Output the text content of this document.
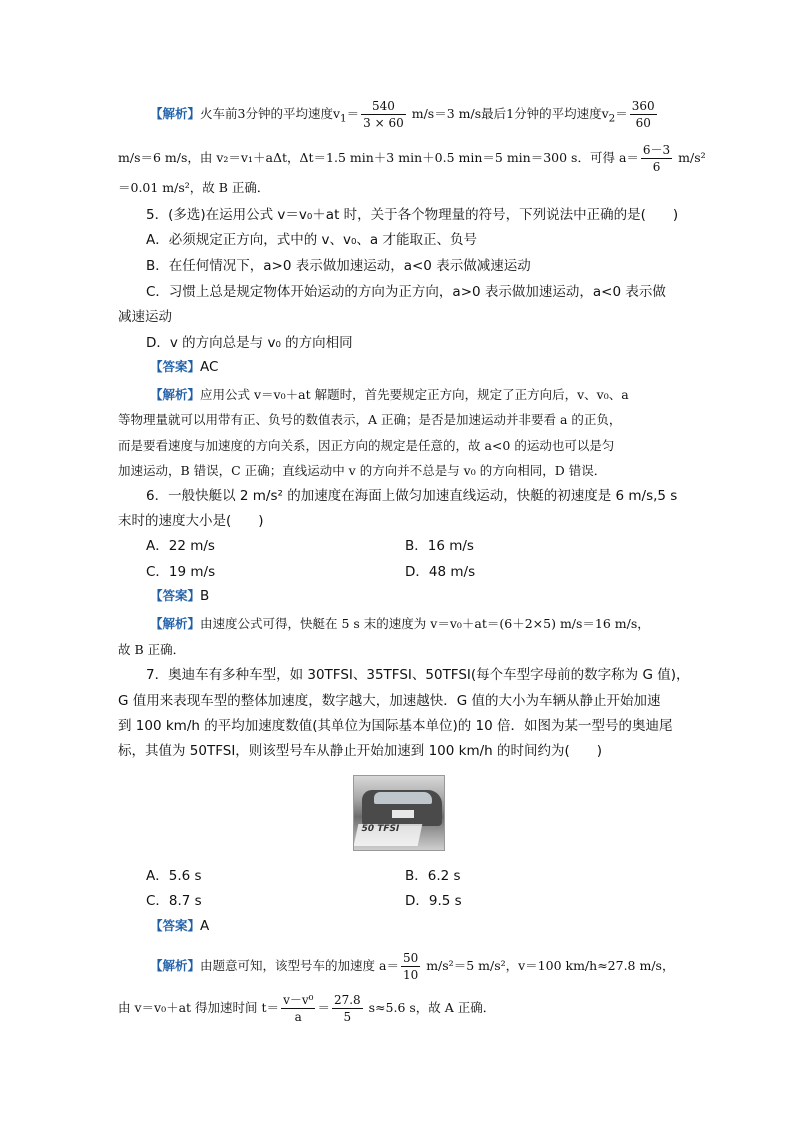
【解析】火车前3分钟的平均速度$v_1= \frac{540}{3 \times 60} m/s=3$ m/s最后1分钟的平均速度$v_2= \frac{360}{60}$
m/s＝6 m/s，由 v₂＝v₁＋aΔt，Δt＝1.5 min＋3 min＋0.5 min＝5 min＝300 s．可得 $a= \frac{6-3}{6} m/s^2$
＝0.01 m/s²，故 B 正确．
5．(多选)在运用公式 v＝v₀＋at 时，关于各个物理量的符号，下列说法中正确的是(　　)
A．必须规定正方向，式中的 v、v₀、a 才能取正、负号
B．在任何情况下，a>0 表示做加速运动，a<0 表示做减速运动
C．习惯上总是规定物体开始运动的方向为正方向，a>0 表示做加速运动，a<0 表示做
减速运动
D．v 的方向总是与 v₀ 的方向相同
【答案】AC
【解析】应用公式 v＝v₀＋at 解题时，首先要规定正方向，规定了正方向后，v、v₀、a
等物理量就可以用带有正、负号的数值表示，A 正确；是否是加速运动并非要看 a 的正负，
而是要看速度与加速度的方向关系，因正方向的规定是任意的，故 a<0 的运动也可以是匀
加速运动，B 错误，C 正确；直线运动中 v 的方向并不总是与 v₀ 的方向相同，D 错误．
6．一般快艇以 2 m/s² 的加速度在海面上做匀加速直线运动，快艇的初速度是 6 m/s,5 s
末时的速度大小是(　　)
A．22 m/s	B．16 m/s
C．19 m/s	D．48 m/s
【答案】B
【解析】由速度公式可得，快艇在 5 s 末的速度为 v＝v₀＋at＝(6＋2×5) m/s＝16 m/s，
故 B 正确．
7．奥迪车有多种车型，如 30TFSI、35TFSI、50TFSI(每个车型字母前的数字称为 G 值)，
G 值用来表现车型的整体加速度，数字越大，加速越快．G 值的大小为车辆从静止开始加速
到 100 km/h 的平均加速度数值(其单位为国际基本单位)的 10 倍．如图为某一型号的奥迪尾
标，其值为 50TFSI，则该型号车从静止开始加速到 100 km/h 的时间约为(　　)
50 TFSI
A．5.6 s	B．6.2 s
C．8.7 s	D．9.5 s
【答案】A
【解析】由题意可知，该型号车的加速度 $a= \frac{50}{10} m/s^2=5$ m/s²，v＝100 km/h≈27.8 m/s，
由 v＝v₀＋at 得加速时间 $t= \frac{\text{v－v⁰}}{a} = \frac{27.8}{5} s\approx 5.6$ s，故 A 正确．
